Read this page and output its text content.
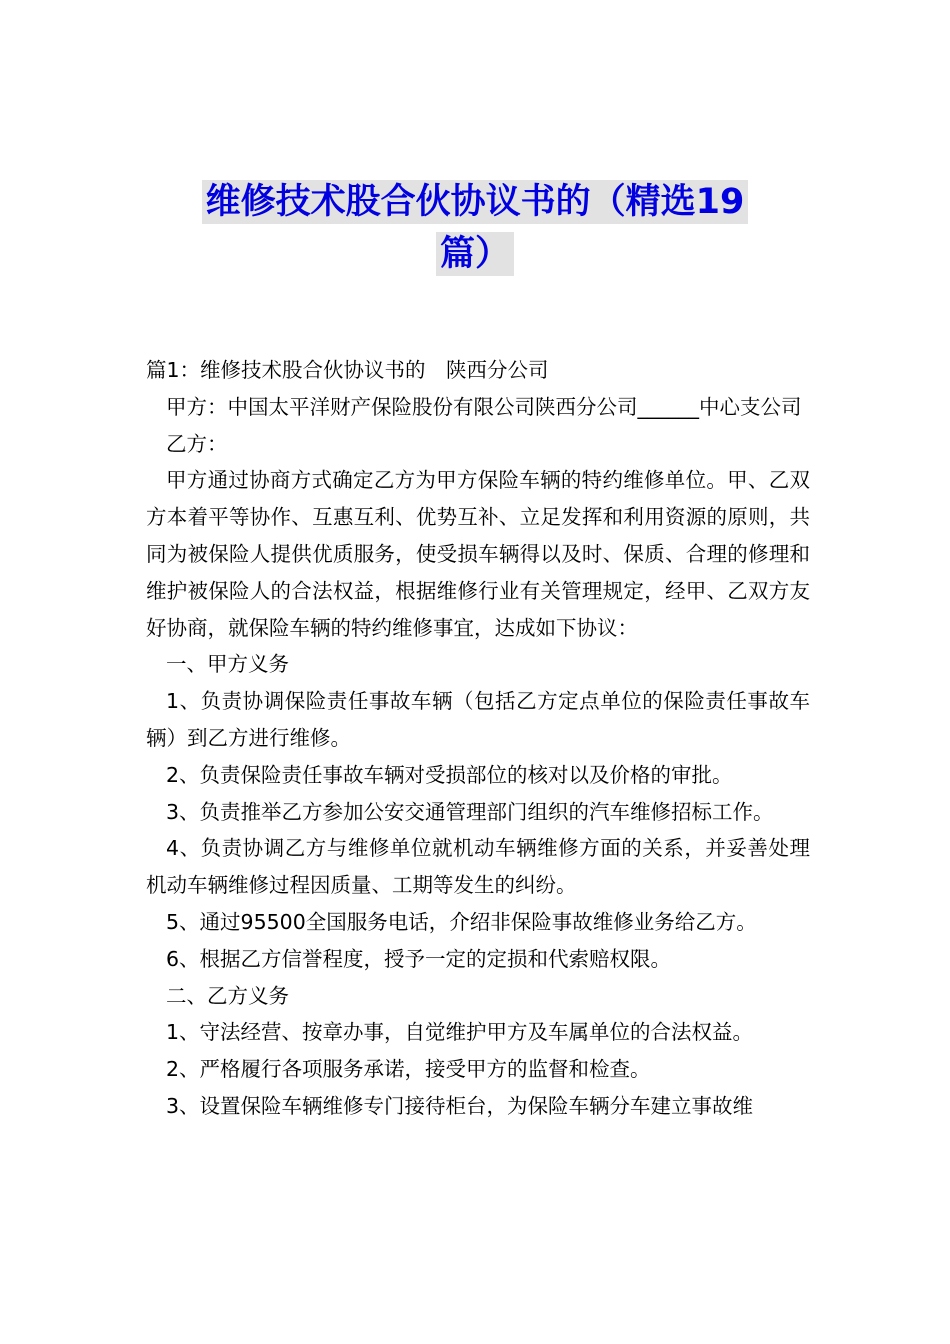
维修技术股合伙协议书的（精选19
篇）

篇1：维修技术股合伙协议书的　陕西分公司

甲方：中国太平洋财产保险股份有限公司陕西分公司______中心支公司

乙方：

甲方通过协商方式确定乙方为甲方保险车辆的特约维修单位。甲、乙双方本着平等协作、互惠互利、优势互补、立足发挥和利用资源的原则，共同为被保险人提供优质服务，使受损车辆得以及时、保质、合理的修理和维护被保险人的合法权益，根据维修行业有关管理规定，经甲、乙双方友好协商，就保险车辆的特约维修事宜，达成如下协议：

一、甲方义务

1、负责协调保险责任事故车辆（包括乙方定点单位的保险责任事故车辆）到乙方进行维修。

2、负责保险责任事故车辆对受损部位的核对以及价格的审批。

3、负责推举乙方参加公安交通管理部门组织的汽车维修招标工作。

4、负责协调乙方与维修单位就机动车辆维修方面的关系，并妥善处理机动车辆维修过程因质量、工期等发生的纠纷。

5、通过95500全国服务电话，介绍非保险事故维修业务给乙方。

6、根据乙方信誉程度，授予一定的定损和代索赔权限。

二、乙方义务

1、守法经营、按章办事，自觉维护甲方及车属单位的合法权益。

2、严格履行各项服务承诺，接受甲方的监督和检查。

3、设置保险车辆维修专门接待柜台，为保险车辆分车建立事故维
